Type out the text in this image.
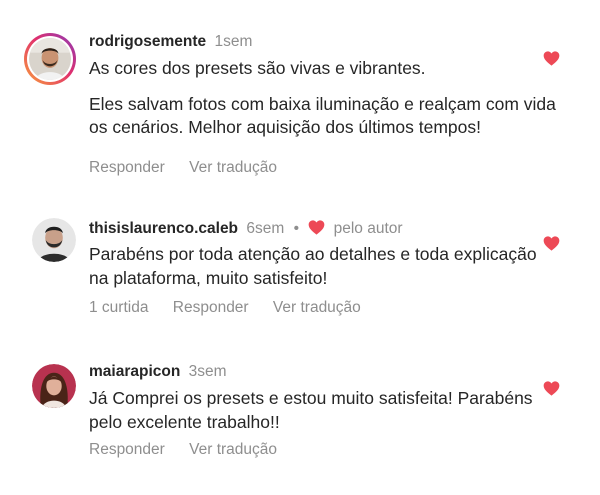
rodrigosemente 1sem

As cores dos presets são vivas e vibrantes.

Eles salvam fotos com baixa iluminação e realçam com vida os cenários. Melhor aquisição dos últimos tempos!

Responder Ver tradução
thisislaurenco.caleb 6sem • pelo autor

Parabéns por toda atenção ao detalhes e toda explicação na plataforma, muito satisfeito!

1 curtida Responder Ver tradução
maiarapicon 3sem

Já Comprei os presets e estou muito satisfeita! Parabéns pelo excelente trabalho!!

Responder Ver tradução
